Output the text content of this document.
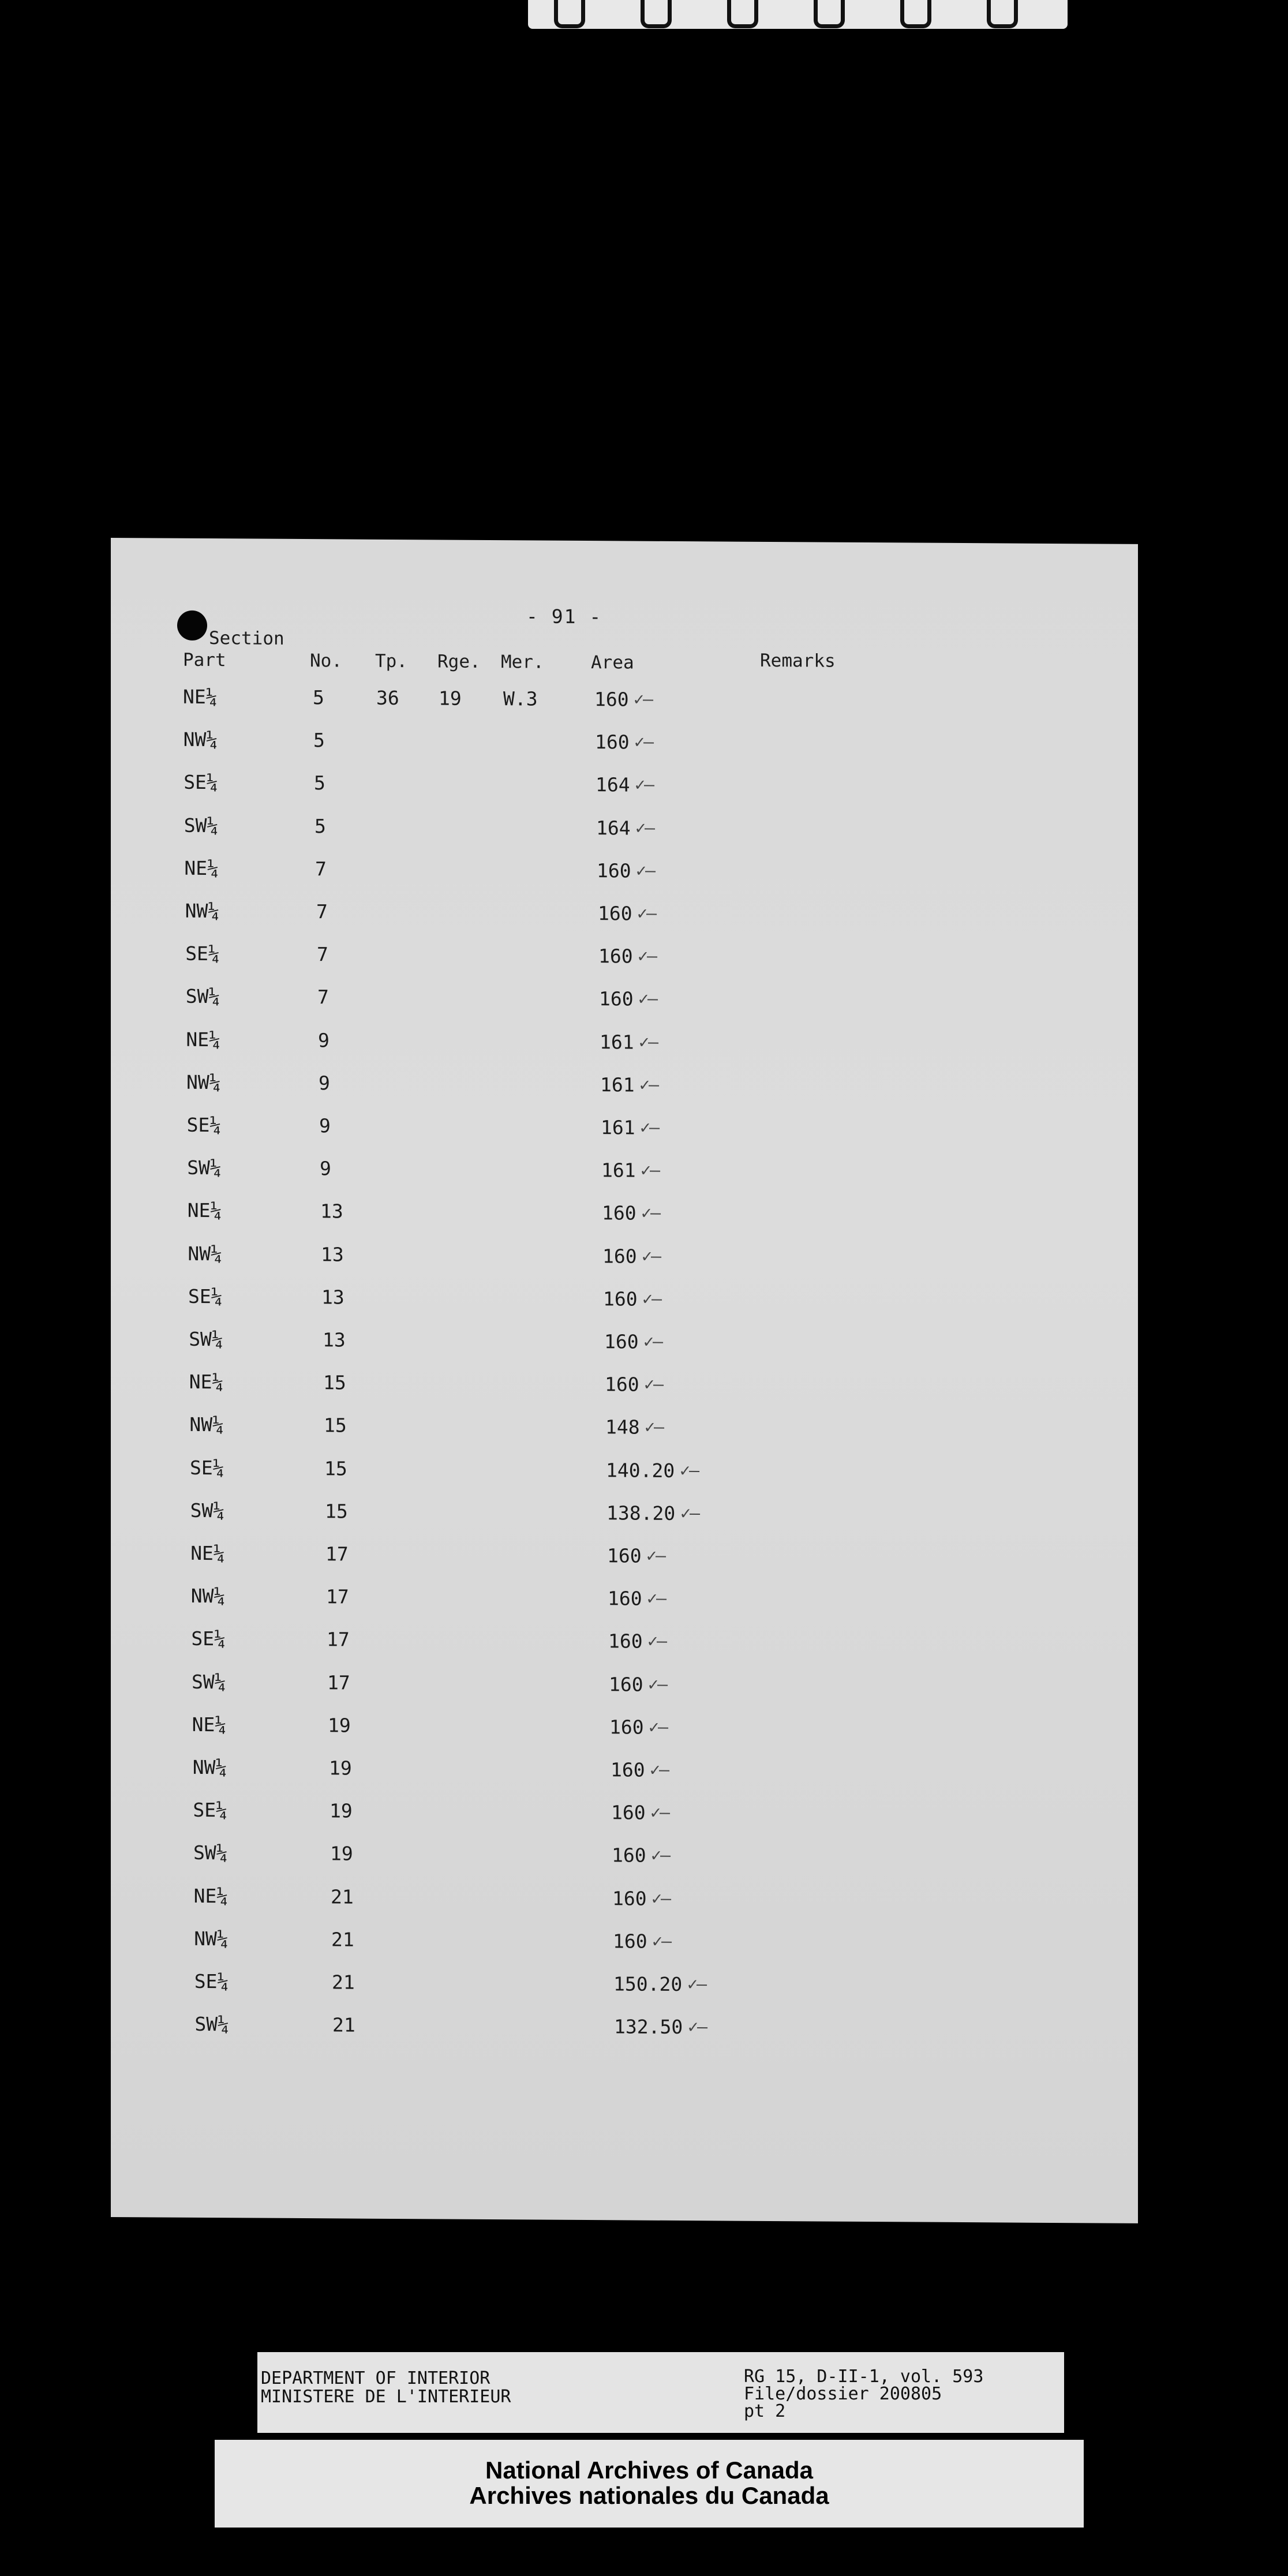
- 91 -
Section
Part	No. Tp. Rge. Mer.	Area	Remarks
NE¼	5	36 19 W.3	160 ✓—
NW¼	5	160 ✓—
SE¼	5	164 ✓—
SW¼	5	164 ✓—
NE¼	7	160 ✓—
NW¼	7	160 ✓—
SE¼	7	160 ✓—
SW¼	7	160 ✓—
NE¼	9	161 ✓—
NW¼	9	161 ✓—
SE¼	9	161 ✓—
SW¼	9	161 ✓—
NE¼	13	160 ✓—
NW¼	13	160 ✓—
SE¼	13	160 ✓—
SW¼	13	160 ✓—
NE¼	15	160 ✓—
NW¼	15	148 ✓—
SE¼	15	140.20 ✓—
SW¼	15	138.20 ✓—
NE¼	17	160 ✓—
NW¼	17	160 ✓—
SE¼	17	160 ✓—
SW¼	17	160 ✓—
NE¼	19	160 ✓—
NW¼	19	160 ✓—
SE¼	19	160 ✓—
SW¼	19	160 ✓—
NE¼	21	160 ✓—
NW¼	21	160 ✓—
SE¼	21	150.20 ✓—
SW¼	21	132.50 ✓—
DEPARTMENT OF INTERIOR
MINISTERE DE L'INTERIEUR
RG 15, D-II-1, vol. 593
File/dossier 200805
pt 2
National Archives of Canada
Archives nationales du Canada
